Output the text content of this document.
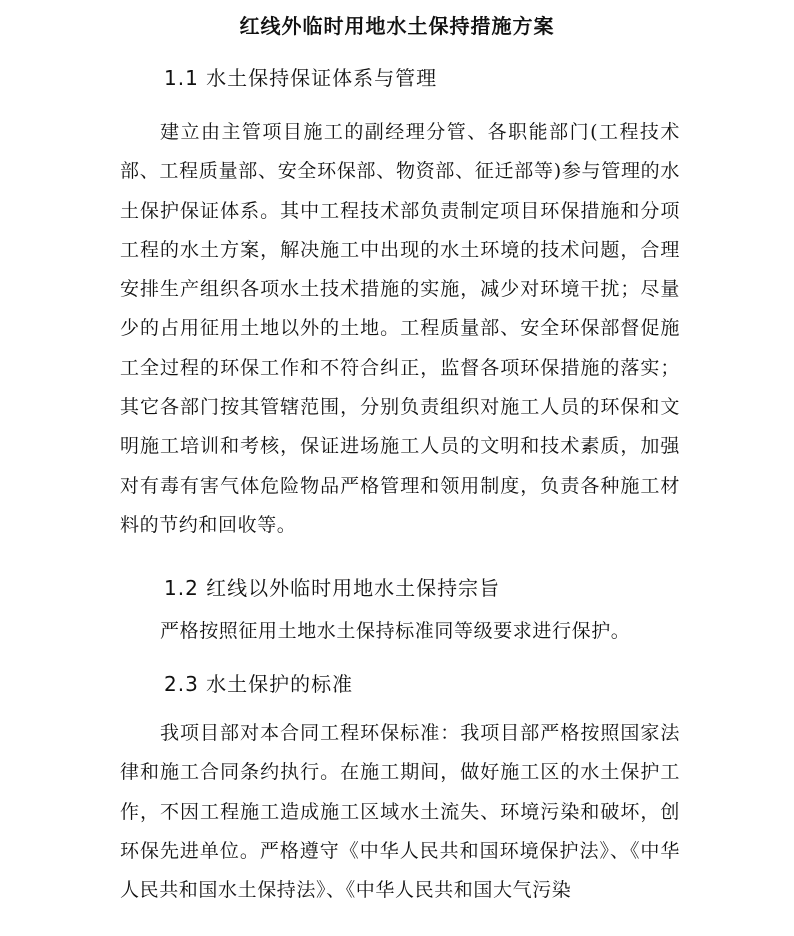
红线外临时用地水土保持措施方案
1.1 水土保持保证体系与管理

建立由主管项目施工的副经理分管、各职能部门(工程技术部、工程质量部、安全环保部、物资部、征迁部等)参与管理的水土保护保证体系。其中工程技术部负责制定项目环保措施和分项工程的水土方案，解决施工中出现的水土环境的技术问题，合理安排生产组织各项水土技术措施的实施，减少对环境干扰；尽量少的占用征用土地以外的土地。工程质量部、安全环保部督促施工全过程的环保工作和不符合纠正，监督各项环保措施的落实；其它各部门按其管辖范围，分别负责组织对施工人员的环保和文明施工培训和考核，保证进场施工人员的文明和技术素质，加强对有毒有害气体危险物品严格管理和领用制度，负责各种施工材料的节约和回收等。

1.2 红线以外临时用地水土保持宗旨

严格按照征用土地水土保持标准同等级要求进行保护。

2.3 水土保护的标准

我项目部对本合同工程环保标准：我项目部严格按照国家法律和施工合同条约执行。在施工期间，做好施工区的水土保护工作，不因工程施工造成施工区域水土流失、环境污染和破坏，创环保先进单位。严格遵守《中华人民共和国环境保护法》、《中华人民共和国水土保持法》、《中华人民共和国大气污染
